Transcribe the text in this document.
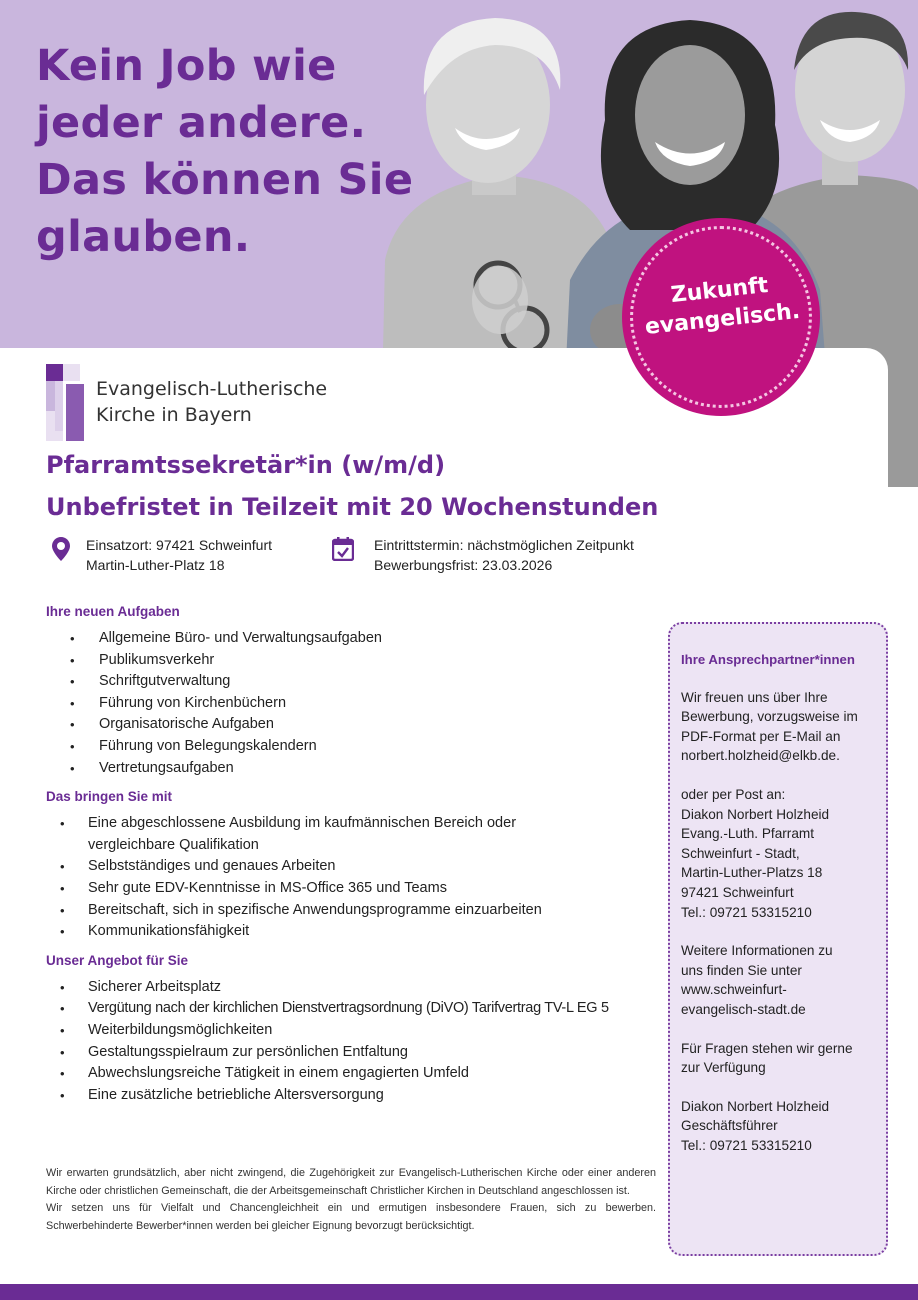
Kein Job wie
jeder andere.
Das können Sie
glauben.
Zukunft
evangelisch.
Evangelisch-Lutherische
Kirche in Bayern
Pfarramtssekretär*in (w/m/d)
Unbefristet in Teilzeit mit 20 Wochenstunden
Einsatzort: 97421 Schweinfurt
Martin-Luther-Platz 18
Eintrittstermin: nächstmöglichen Zeitpunkt
Bewerbungsfrist: 23.03.2026
Ihre neuen Aufgaben
• Allgemeine Büro- und Verwaltungsaufgaben
• Publikumsverkehr
• Schriftgutverwaltung
• Führung von Kirchenbüchern
• Organisatorische Aufgaben
• Führung von Belegungskalendern
• Vertretungsaufgaben
Das bringen Sie mit
• Eine abgeschlossene Ausbildung im kaufmännischen Bereich oder vergleichbare Qualifikation
• Selbstständiges und genaues Arbeiten
• Sehr gute EDV-Kenntnisse in MS-Office 365 und Teams
• Bereitschaft, sich in spezifische Anwendungsprogramme einzuarbeiten
• Kommunikationsfähigkeit
Unser Angebot für Sie
• Sicherer Arbeitsplatz
• Vergütung nach der kirchlichen Dienstvertragsordnung (DiVO) Tarifvertrag TV-L EG 5
• Weiterbildungsmöglichkeiten
• Gestaltungsspielraum zur persönlichen Entfaltung
• Abwechslungsreiche Tätigkeit in einem engagierten Umfeld
• Eine zusätzliche betriebliche Altersversorgung

Wir erwarten grundsätzlich, aber nicht zwingend, die Zugehörigkeit zur Evangelisch-Lutherischen Kirche oder einer anderen Kirche oder christlichen Gemeinschaft, die der Arbeitsgemeinschaft Christlicher Kirchen in Deutschland angeschlossen ist.

Wir setzen uns für Vielfalt und Chancengleichheit ein und ermutigen insbesondere Frauen, sich zu bewerben. Schwerbehinderte Bewerber*innen werden bei gleicher Eignung bevorzugt berücksichtigt.

Ihre Ansprechpartner*innen

Wir freuen uns über Ihre
Bewerbung, vorzugsweise im
PDF-Format per E-Mail an
norbert.holzheid@elkb.de.

oder per Post an:
Diakon Norbert Holzheid
Evang.-Luth. Pfarramt
Schweinfurt - Stadt,
Martin-Luther-Platzs 18
97421 Schweinfurt
Tel.: 09721 53315210

Weitere Informationen zu
uns finden Sie unter
www.schweinfurt-
evangelisch-stadt.de

Für Fragen stehen wir gerne
zur Verfügung

Diakon Norbert Holzheid
Geschäftsführer
Tel.: 09721 53315210
